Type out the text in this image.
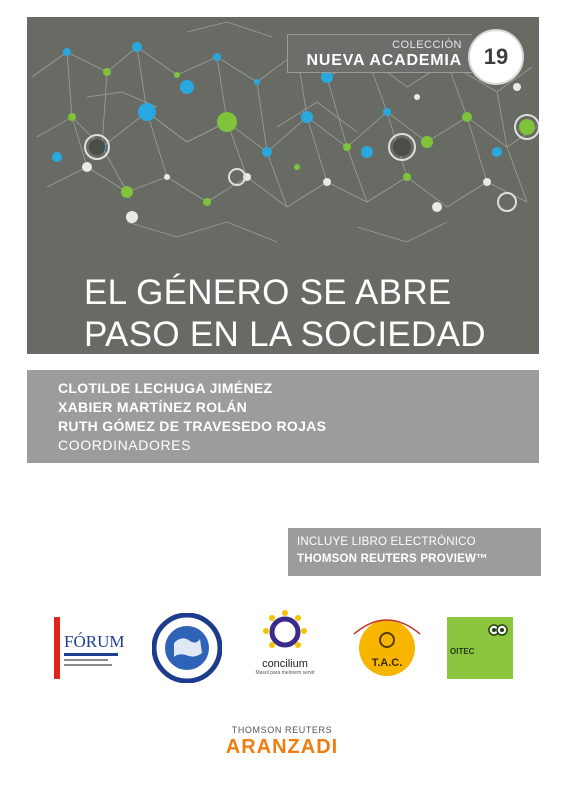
EL GÉNERO SE ABRE
PASO EN LA SOCIEDAD
COLECCIÓN
NUEVA ACADEMIA 19
CLOTILDE LECHUGA JIMÉNEZ
XABIER MARTÍNEZ ROLÁN
RUTH GÓMEZ DE TRAVESEDO ROJAS
COORDINADORES
INCLUYE LIBRO ELECTRÓNICO
THOMSON REUTERS PROVIEW™
FÓRUM
concilium
Masol para melorem servit
T.A.C.
OITEC
THOMSON REUTERS
ARANZADI
